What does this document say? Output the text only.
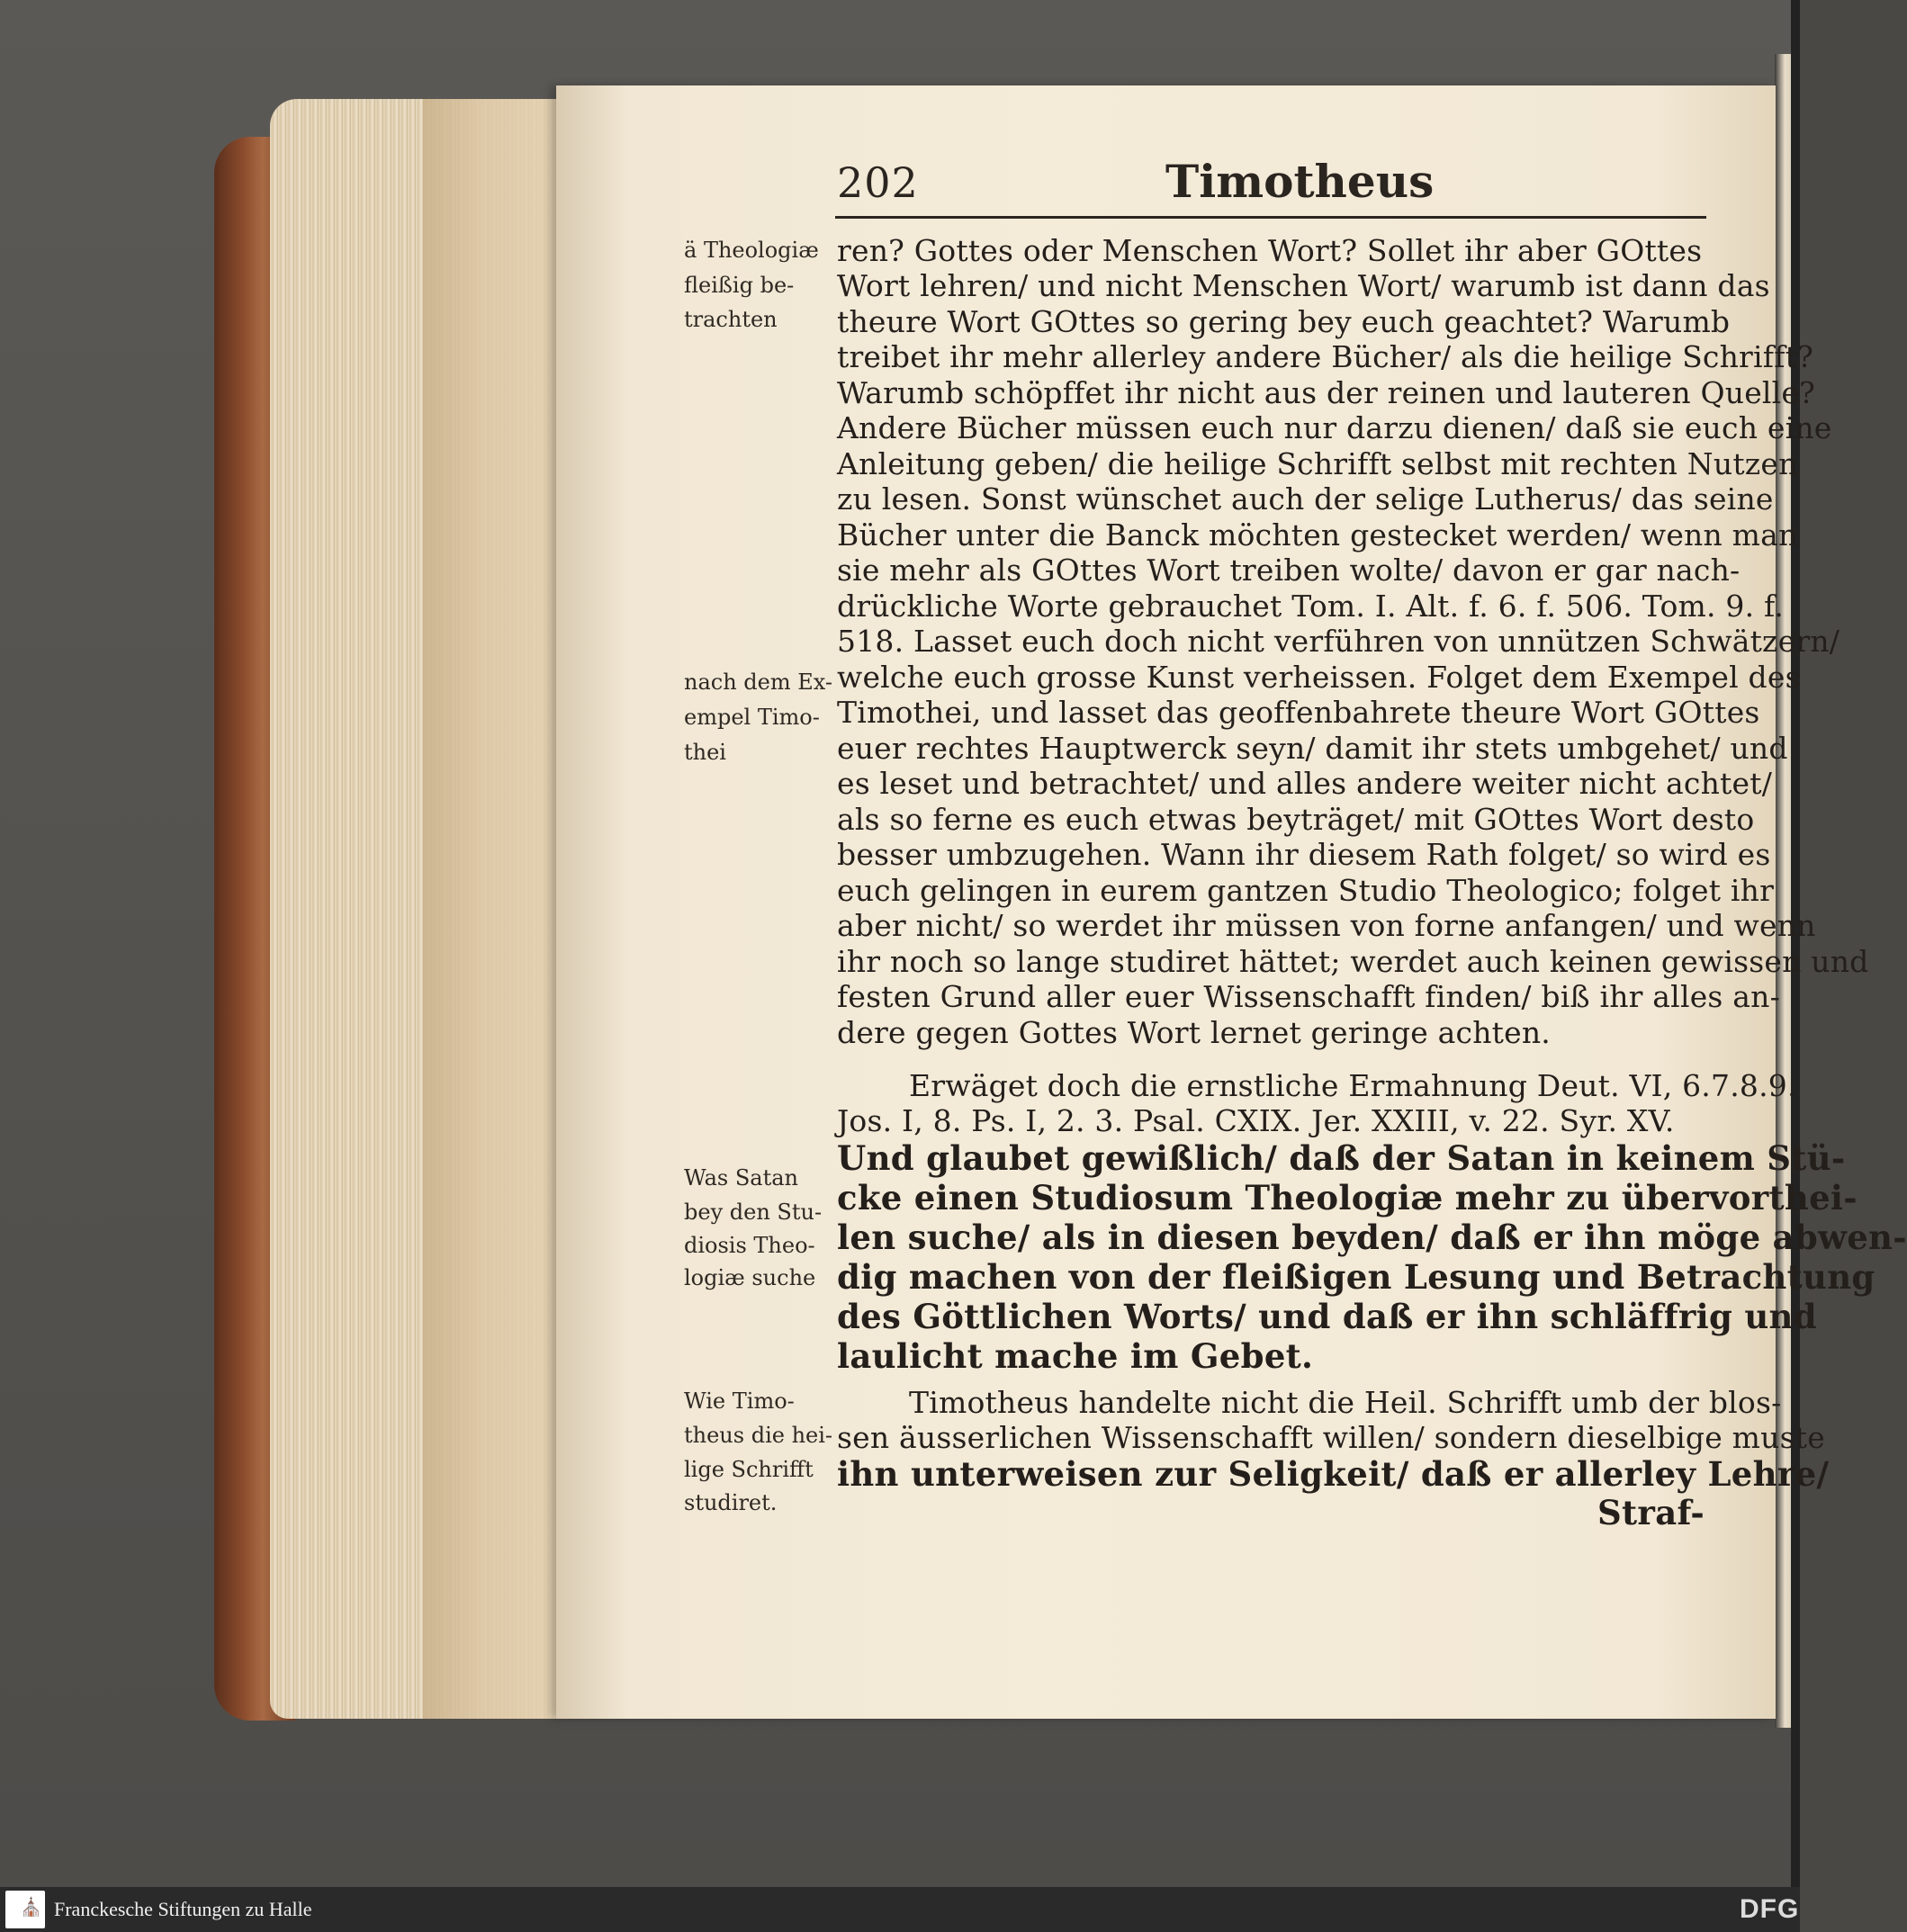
202	Timotheus
ä Theologiæ
fleißig be-
trachten
nach dem Ex-
empel Timo-
thei
Was Satan
bey den Stu-
diosis Theo-
logiæ suche
Wie Timo-
theus die hei-
lige Schrifft
studiret.
ren? Gottes oder Menschen Wort? Sollet ihr aber GOttes
Wort lehren/ und nicht Menschen Wort/ warumb ist dann das
theure Wort GOttes so gering bey euch geachtet? Warumb
treibet ihr mehr allerley andere Bücher/ als die heilige Schrifft?
Warumb schöpffet ihr nicht aus der reinen und lauteren Quelle?
Andere Bücher müssen euch nur darzu dienen/ daß sie euch eine
Anleitung geben/ die heilige Schrifft selbst mit rechten Nutzen
zu lesen. Sonst wünschet auch der selige Lutherus/ das seine
Bücher unter die Banck möchten gestecket werden/ wenn man
sie mehr als GOttes Wort treiben wolte/ davon er gar nach-
drückliche Worte gebrauchet Tom. I. Alt. f. 6. f. 506. Tom. 9. f.
518. Lasset euch doch nicht verführen von unnützen Schwätzern/
welche euch grosse Kunst verheissen. Folget dem Exempel des
Timothei, und lasset das geoffenbahrete theure Wort GOttes
euer rechtes Hauptwerck seyn/ damit ihr stets umbgehet/ und
es leset und betrachtet/ und alles andere weiter nicht achtet/
als so ferne es euch etwas beyträget/ mit GOttes Wort desto
besser umbzugehen. Wann ihr diesem Rath folget/ so wird es
euch gelingen in eurem gantzen Studio Theologico; folget ihr
aber nicht/ so werdet ihr müssen von forne anfangen/ und wenn
ihr noch so lange studiret hättet; werdet auch keinen gewissen und
festen Grund aller euer Wissenschafft finden/ biß ihr alles an-
dere gegen Gottes Wort lernet geringe achten.
Erwäget doch die ernstliche Ermahnung Deut. VI, 6.7.8.9.
Jos. I, 8. Ps. I, 2. 3. Psal. CXIX. Jer. XXIII, v. 22. Syr. XV.
Und glaubet gewißlich/ daß der Satan in keinem Stü-
cke einen Studiosum Theologiæ mehr zu übervorthei-
len suche/ als in diesen beyden/ daß er ihn möge abwen-
dig machen von der fleißigen Lesung und Betrachtung
des Göttlichen Worts/ und daß er ihn schläffrig und
laulicht mache im Gebet.
Timotheus handelte nicht die Heil. Schrifft umb der blos-
sen äusserlichen Wissenschafft willen/ sondern dieselbige muste
ihn unterweisen zur Seligkeit/ daß er allerley Lehre/
Straf-
⛪ Franckesche Stiftungen zu Halle	DFG
